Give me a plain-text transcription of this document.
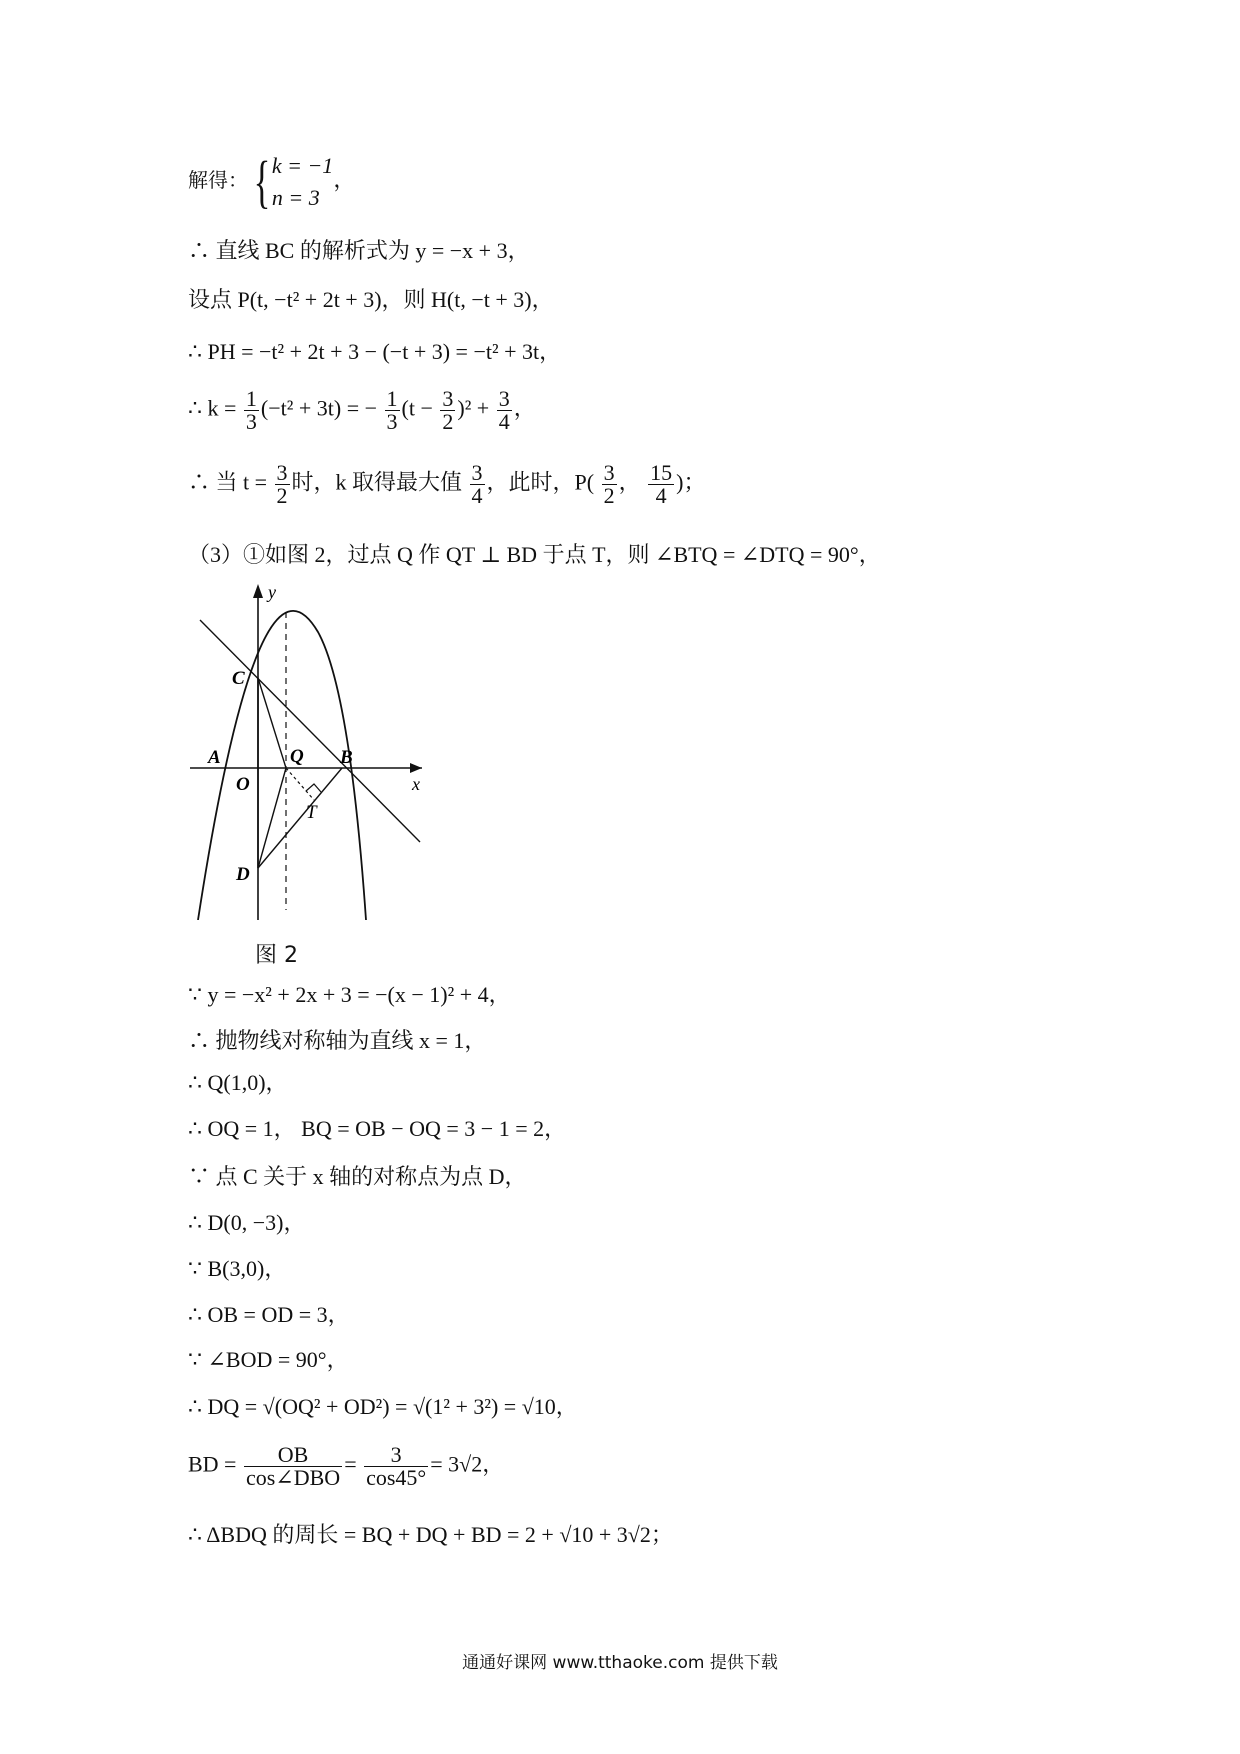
解得：{ k = −1
n = 3
，
∴ 直线 BC 的解析式为 y = −x + 3，
设点 P(t, −t² + 2t + 3)，则 H(t, −t + 3)，
∴ PH = −t² + 2t + 3 − (−t + 3) = −t² + 3t，
∴ $k = \frac{1}{3} (-t^2 + 3t)$ = − $\frac{1}{3} (t - \frac{3}{2} )^2 + \frac{3}{4}$ ，
∴ 当 $t = \frac{3}{2}$ 时，k 取得最大值 $\frac{3}{4}$ ，此时，$P( \frac{3}{2}$ ， $\frac{15}{4}$ )；
（3）①如图 2，过点 Q 作 QT ⊥ BD 于点 T，则 ∠BTQ = ∠DTQ = 90°，
y
x
C
A
O
Q B
T
D
图 2
∵ y = −x² + 2x + 3 = −(x − 1)² + 4，
∴ 抛物线对称轴为直线 x = 1，
∴ Q(1,0)，
∴ OQ = 1， BQ = OB − OQ = 3 − 1 = 2，
∵ 点 C 关于 x 轴的对称点为点 D，
∴ D(0, −3)，
∵ B(3,0)，
∴ OB = OD = 3，
∵ ∠BOD = 90°，
∴ DQ = √(OQ² + OD²) = √(1² + 3²) = √10，
BD = $\frac{OB}{\text{cos∠DBO}} = \frac{3}{\cos 45^\circ} = 3√2$，
∴ ΔBDQ 的周长 = BQ + DQ + BD = 2 + √10 + 3√2；
通通好课网 www.tthaoke.com 提供下载
